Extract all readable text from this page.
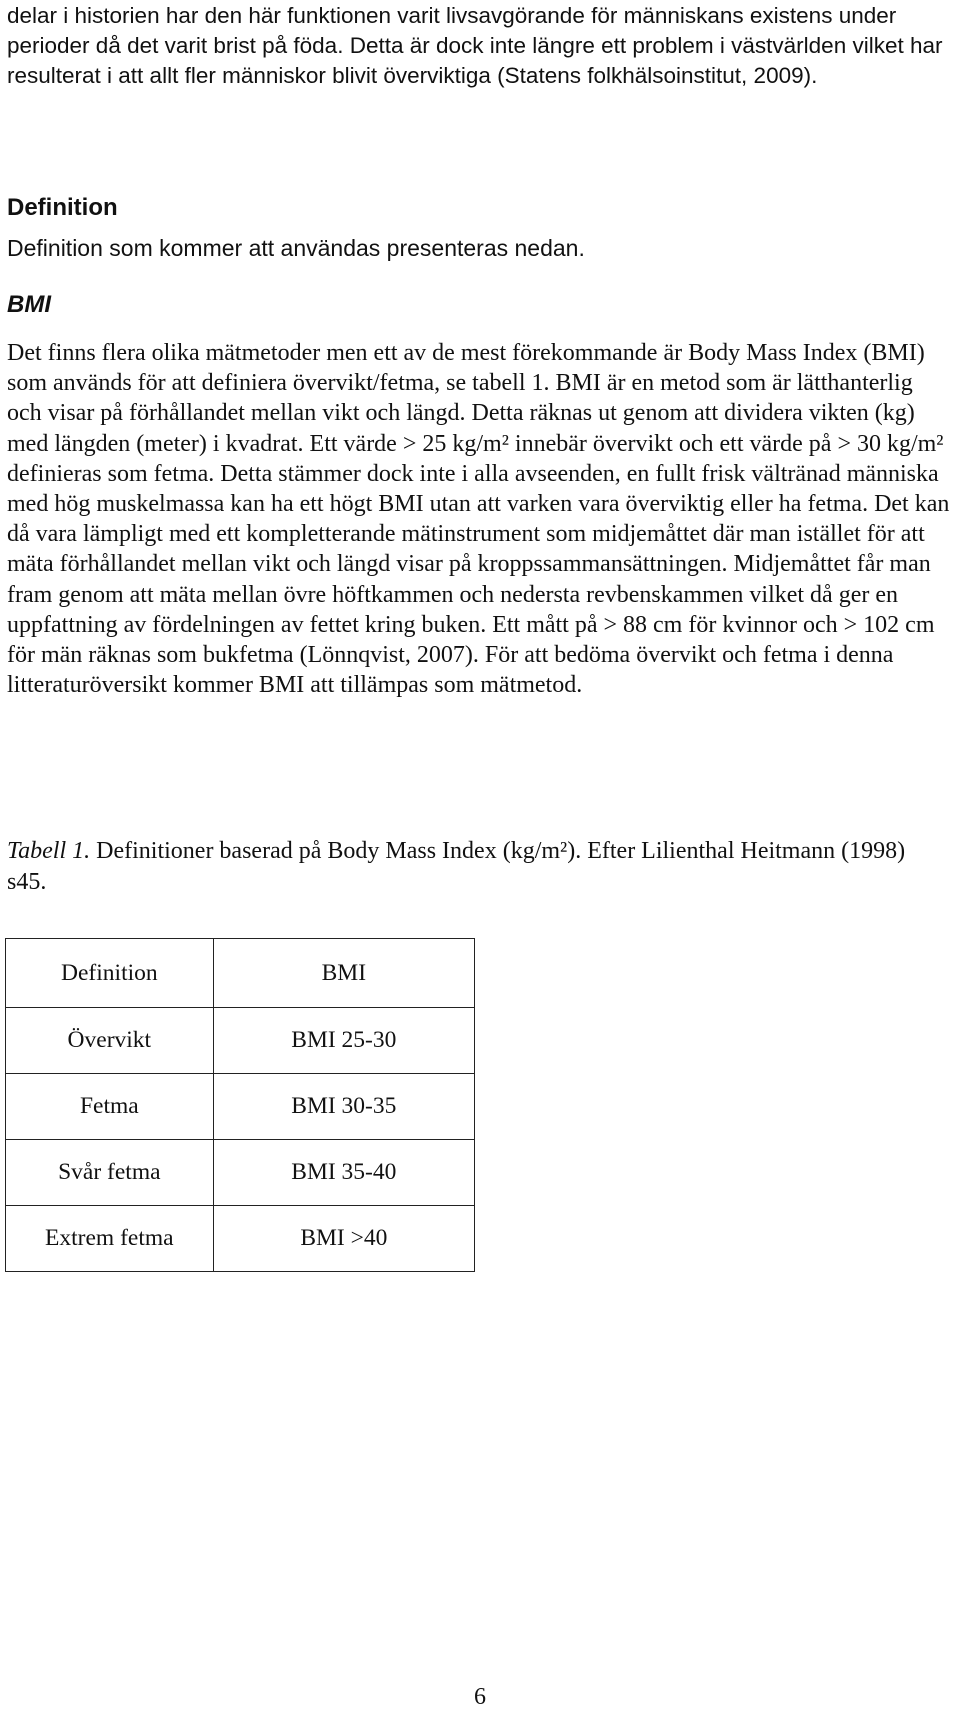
delar i historien har den här funktionen varit livsavgörande för människans existens under perioder då det varit brist på föda. Detta är dock inte längre ett problem i västvärlden vilket har resulterat i att allt fler människor blivit överviktiga (Statens folkhälsoinstitut, 2009).

Definition

Definition som kommer att användas presenteras nedan.

BMI

Det finns flera olika mätmetoder men ett av de mest förekommande är Body Mass Index (BMI) som används för att definiera övervikt/fetma, se tabell 1. BMI är en metod som är lätthanterlig och visar på förhållandet mellan vikt och längd. Detta räknas ut genom att dividera vikten (kg) med längden (meter) i kvadrat. Ett värde > 25 kg/m² innebär övervikt och ett värde på > 30 kg/m² definieras som fetma. Detta stämmer dock inte i alla avseenden, en fullt frisk vältränad människa med hög muskelmassa kan ha ett högt BMI utan att varken vara överviktig eller ha fetma. Det kan då vara lämpligt med ett kompletterande mätinstrument som midjemåttet där man istället för att mäta förhållandet mellan vikt och längd visar på kroppssammansättningen. Midjemåttet får man fram genom att mäta mellan övre höftkammen och nedersta revbenskammen vilket då ger en uppfattning av fördelningen av fettet kring buken. Ett mått på > 88 cm för kvinnor och > 102 cm för män räknas som bukfetma (Lönnqvist, 2007). För att bedöma övervikt och fetma i denna litteraturöversikt kommer BMI att tillämpas som mätmetod.

Tabell 1. Definitioner baserad på Body Mass Index (kg/m²). Efter Lilienthal Heitmann (1998) s45.

Definition	BMI
Övervikt	BMI 25-30
Fetma	BMI 30-35
Svår fetma	BMI 35-40
Extrem fetma	BMI >40

6
